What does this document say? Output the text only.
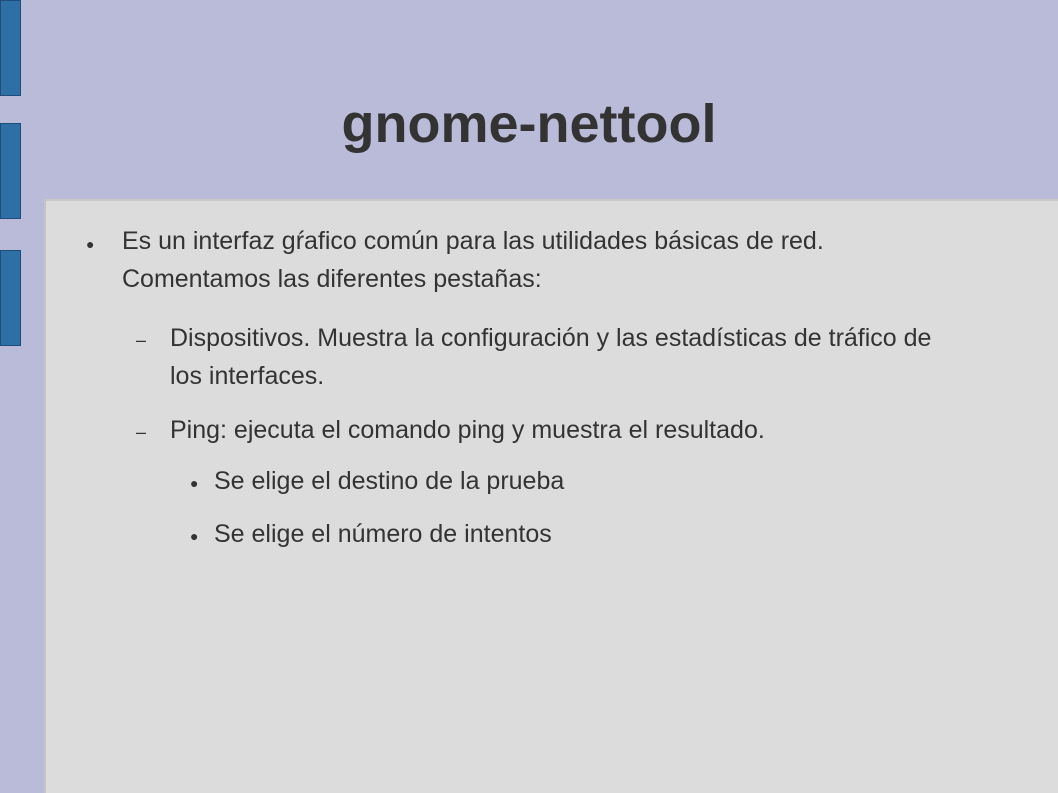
gnome-nettool
● Es un interfaz gŕafico común para las utilidades básicas de red. Comentamos las diferentes pestañas:
– Dispositivos. Muestra la configuración y las estadísticas de tráfico de los interfaces.
– Ping: ejecuta el comando ping y muestra el resultado.
● Se elige el destino de la prueba
● Se elige el número de intentos
